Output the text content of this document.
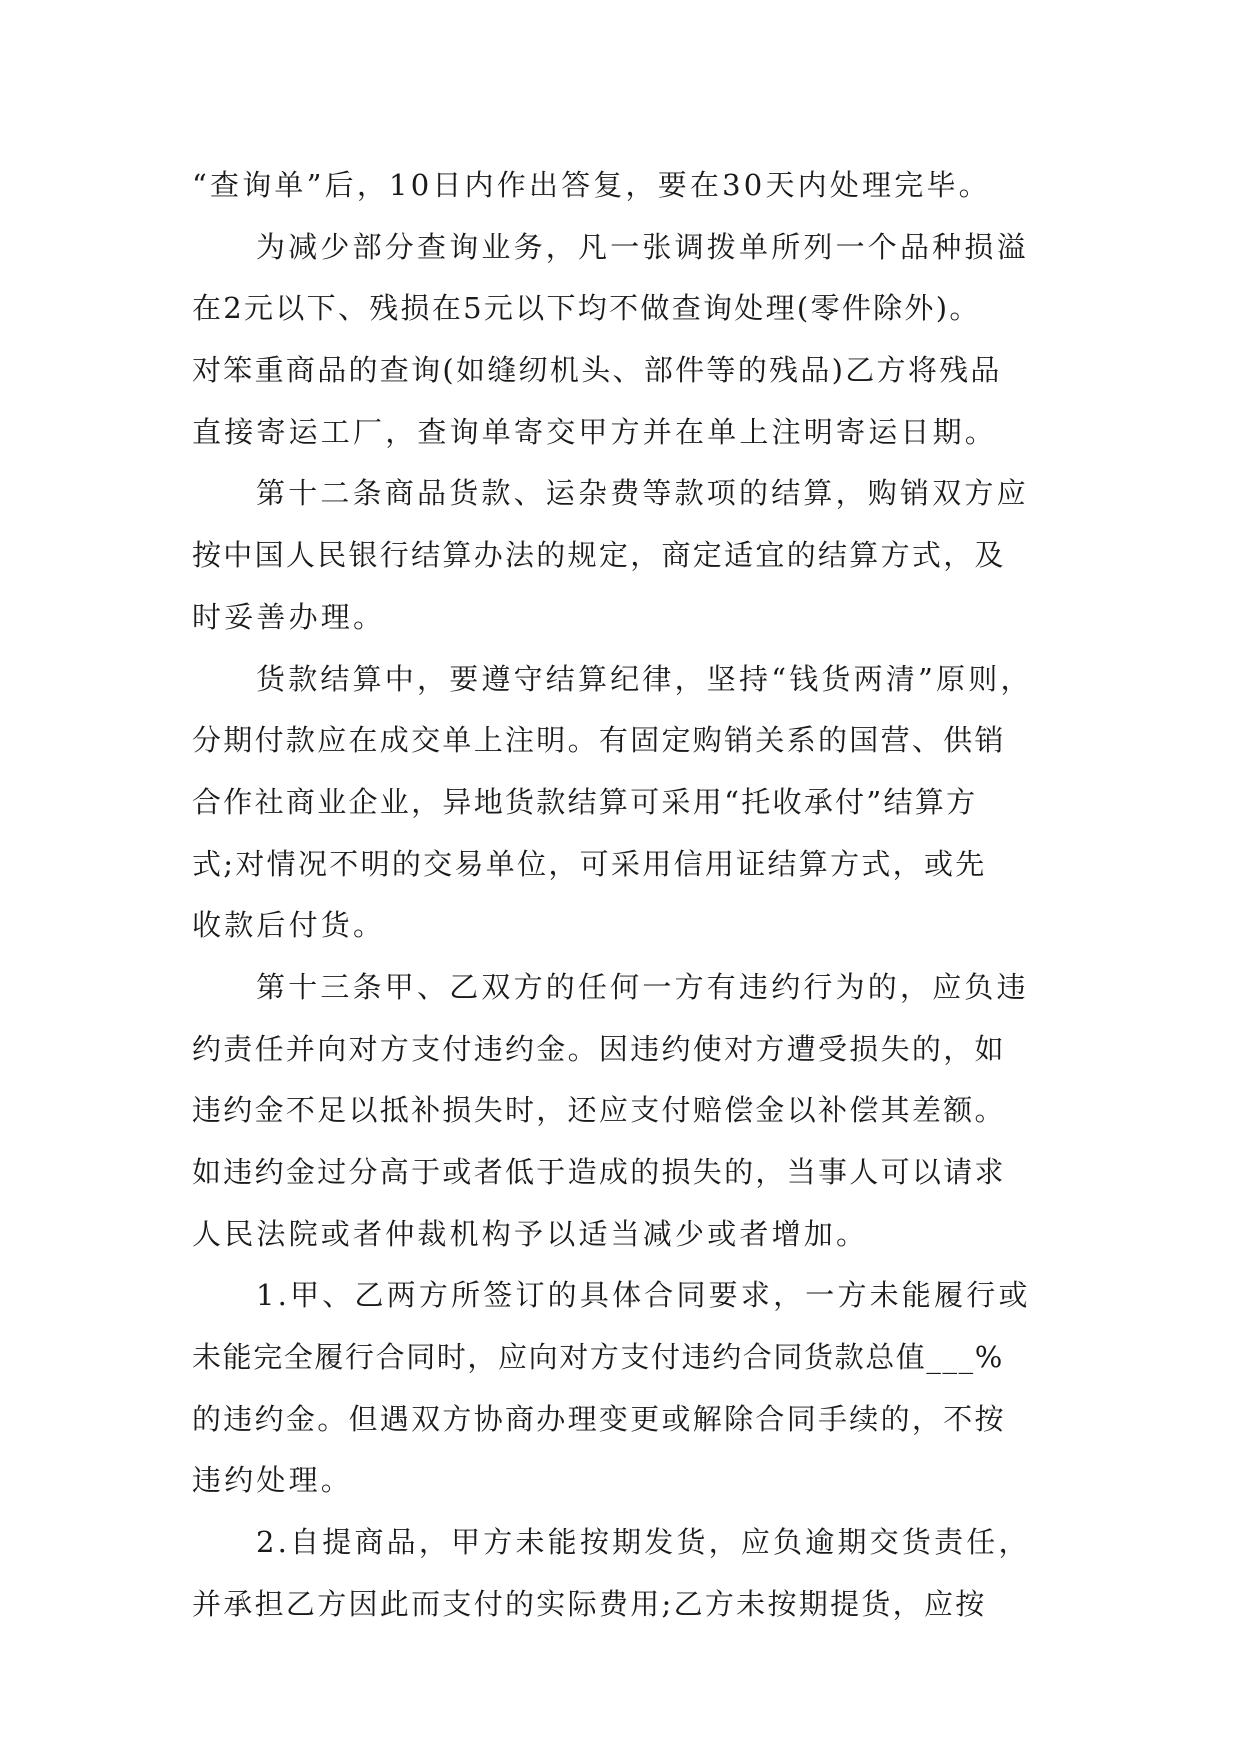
“查询单”后，10日内作出答复，要在30天内处理完毕。
为减少部分查询业务，凡一张调拨单所列一个品种损溢
在2元以下、残损在5元以下均不做查询处理(零件除外)。
对笨重商品的查询(如缝纫机头、部件等的残品)乙方将残品
直接寄运工厂，查询单寄交甲方并在单上注明寄运日期。
第十二条商品货款、运杂费等款项的结算，购销双方应
按中国人民银行结算办法的规定，商定适宜的结算方式，及
时妥善办理。
货款结算中，要遵守结算纪律，坚持“钱货两清”原则，
分期付款应在成交单上注明。有固定购销关系的国营、供销
合作社商业企业，异地货款结算可采用“托收承付”结算方
式;对情况不明的交易单位，可采用信用证结算方式，或先
收款后付货。
第十三条甲、乙双方的任何一方有违约行为的，应负违
约责任并向对方支付违约金。因违约使对方遭受损失的，如
违约金不足以抵补损失时，还应支付赔偿金以补偿其差额。
如违约金过分高于或者低于造成的损失的，当事人可以请求
人民法院或者仲裁机构予以适当减少或者增加。
1.甲、乙两方所签订的具体合同要求，一方未能履行或
未能完全履行合同时，应向对方支付违约合同货款总值___%
的违约金。但遇双方协商办理变更或解除合同手续的，不按
违约处理。
2.自提商品，甲方未能按期发货，应负逾期交货责任，
并承担乙方因此而支付的实际费用;乙方未按期提货，应按
